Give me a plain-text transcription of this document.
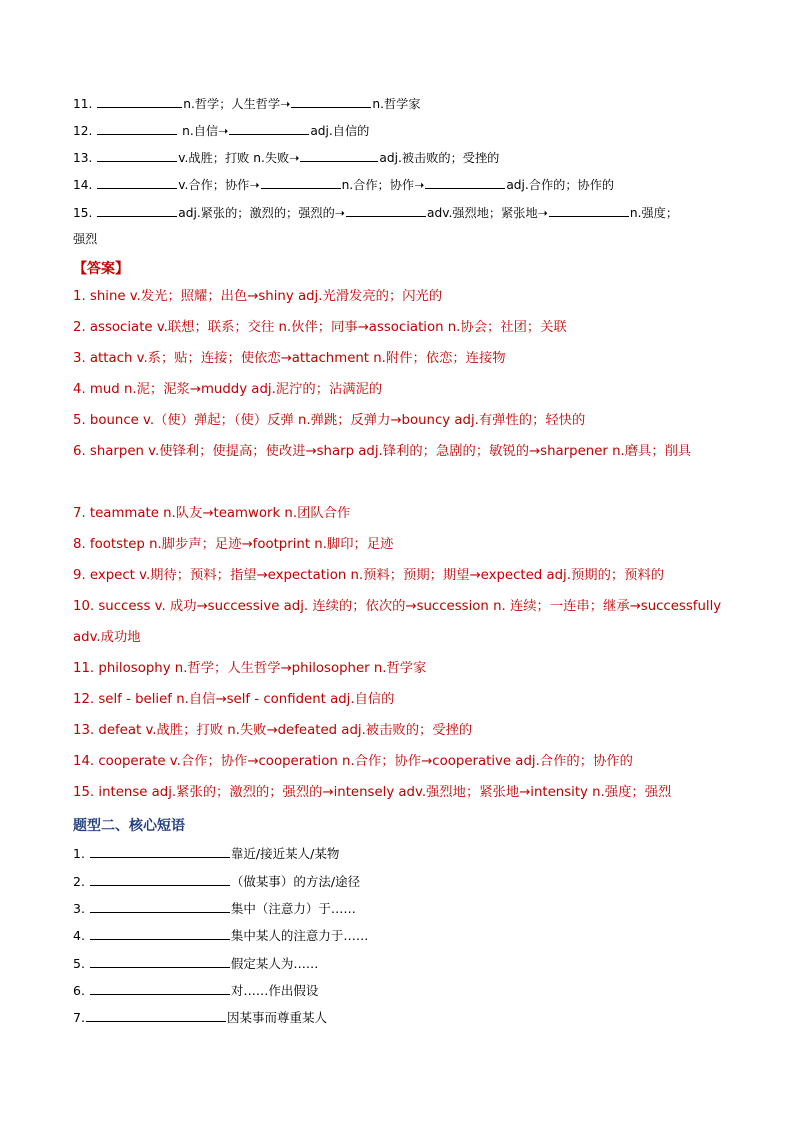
11.	n.哲学；人生哲学➝	n.哲学家
12.	n.自信➝	adj.自信的
13.	v.战胜；打败 n.失败➝	adj.被击败的；受挫的
14.	v.合作；协作➝	n.合作；协作➝	adj.合作的；协作的
15.	adj.紧张的；激烈的；强烈的➝	adv.强烈地；紧张地➝	n.强度；
强烈
【答案】
1. shine v.发光；照耀；出色→shiny adj.光滑发亮的；闪光的
2. associate v.联想；联系；交往 n.伙伴；同事→association n.协会；社团；关联
3. attach v.系；贴；连接；使依恋→attachment n.附件；依恋；连接物
4. mud n.泥；泥浆→muddy adj.泥泞的；沾满泥的
5. bounce v.（使）弹起；（使）反弹 n.弹跳；反弹力→bouncy adj.有弹性的；轻快的
6. sharpen v.使锋利；使提高；使改进→sharp adj.锋利的；急剧的；敏锐的→sharpener n.磨具；削具
7. teammate n.队友→teamwork n.团队合作
8. footstep n.脚步声；足迹→footprint n.脚印；足迹
9. expect v.期待；预料；指望→expectation n.预料；预期；期望→expected adj.预期的；预料的
10. success v. 成功→successive adj. 连续的；依次的→succession n. 连续；一连串；继承→successfully adv.成功地
11. philosophy n.哲学；人生哲学→philosopher n.哲学家
12. self - belief n.自信→self - confident adj.自信的
13. defeat v.战胜；打败 n.失败→defeated adj.被击败的；受挫的
14. cooperate v.合作；协作→cooperation n.合作；协作→cooperative adj.合作的；协作的
15. intense adj.紧张的；激烈的；强烈的→intensely adv.强烈地；紧张地→intensity n.强度；强烈
题型二、核心短语
1.	靠近/接近某人/某物
2.	（做某事）的方法/途径
3.	集中（注意力）于……
4.	集中某人的注意力于……
5.	假定某人为……
6.	对……作出假设
7.	因某事而尊重某人
